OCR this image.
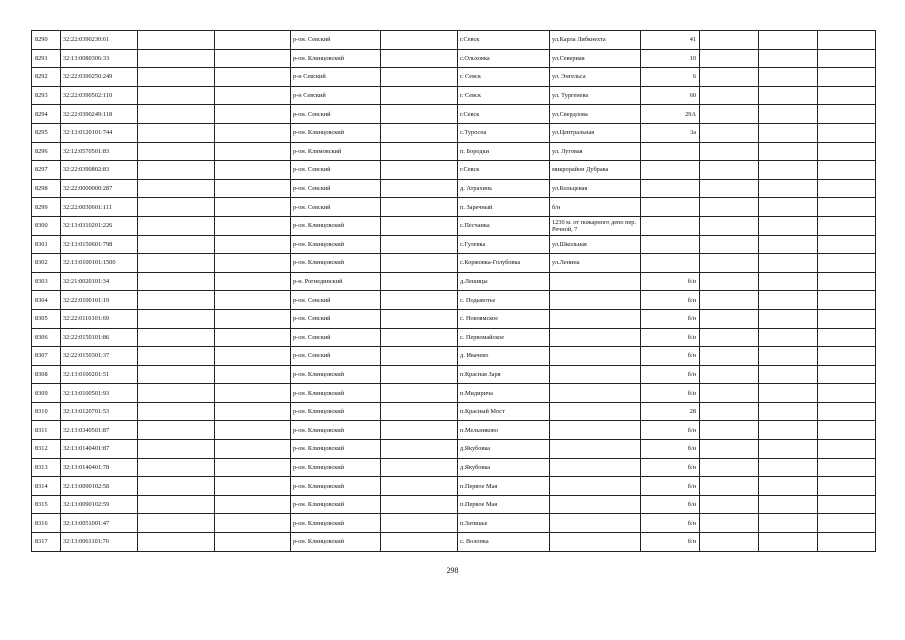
8290	32:22:0390230:61			р-он. Севский		г.Севск	ул.Карла Либкнехта	41			
8291	32:13:0080306:33			р-он. Клинцовский		с.Ольховка	ул.Северная	10			
8292	32:22:0390250:249			р-н Севский		г. Севск	ул. Энгельса	6			
8293	32:22:0390502:110			р-н Севский		г. Севск	ул. Тургенева	60			
8294	32:22:0390249:118			р-он. Севский		г.Севск	ул.Свердлова	29А			
8295	32:13:0120101:744			р-он. Клинцовский		с.Туросна	ул.Центральная	3а			
8296	32:12:0570501:83			р-он. Климовский		п. Бородки	ул. Луговая				
8297	32:22:0390802:83			р-он. Севский		г.Севск	микрорайон Дубрава				
8298	32:22:0000000:287			р-он. Севский		д. Атрахинь	ул.Кольцевая				
8299	32:22:0030601:111			р-он. Севский		п. Заречный	б/н				
8300	32:13:0310201:226			р-он. Клинцовский		с.Песчанка	1230 м. от пожарного депо пер. Речной, 7				
8301	32:13:0150601:798			р-он. Клинцовский		с.Гулевка	ул.Школьная				
8302	32:13:0100101:1500			р-он. Клинцовский		с.Коржовка-Голубовка	ул.Ленина				
8303	32:21:0020101:34			р-н. Рогнединский		д.Лешицы		б/н			
8304	32:22:0100101:19			р-он. Севский		с. Подывотье		б/н			
8305	32:22:0110101:69			р-он. Севский		с. Новоямское		б/н			
8306	32:22:0150101:86			р-он. Севский		с. Первомайское		б/н			
8307	32:22:0150301:37			р-он. Севский		д. Ивачево		б/н			
8308	32:13:0100201:51			р-он. Клинцовский		п.Красная Заря		б/н			
8309	32:13:0100501:93			р-он. Клинцовский		п.Мидирича		б/н			
8310	32:13:0120701:53			р-он. Клинцовский		п.Красный Мост		28			
8311	32:13:0340501:87			р-он. Клинцовский		п.Мельниково		б/н			
8312	32:13:0140401:87			р-он. Клинцовский		д.Якубовка		б/н			
8313	32:13:0140401:78			р-он. Клинцовский		д.Якубовка		б/н			
8314	32:13:0090102:58			р-он. Клинцовский		п.Первое Мая		б/н			
8315	32:13:0090102:59			р-он. Клинцовский		п.Первое Мая		б/н			
8316	32:13:0051001:47			р-он. Клинцовский		п.Затишье		б/н			
8317	32:13:0061101:70			р-он. Клинцовский		с. Волопка		б/н			
298
